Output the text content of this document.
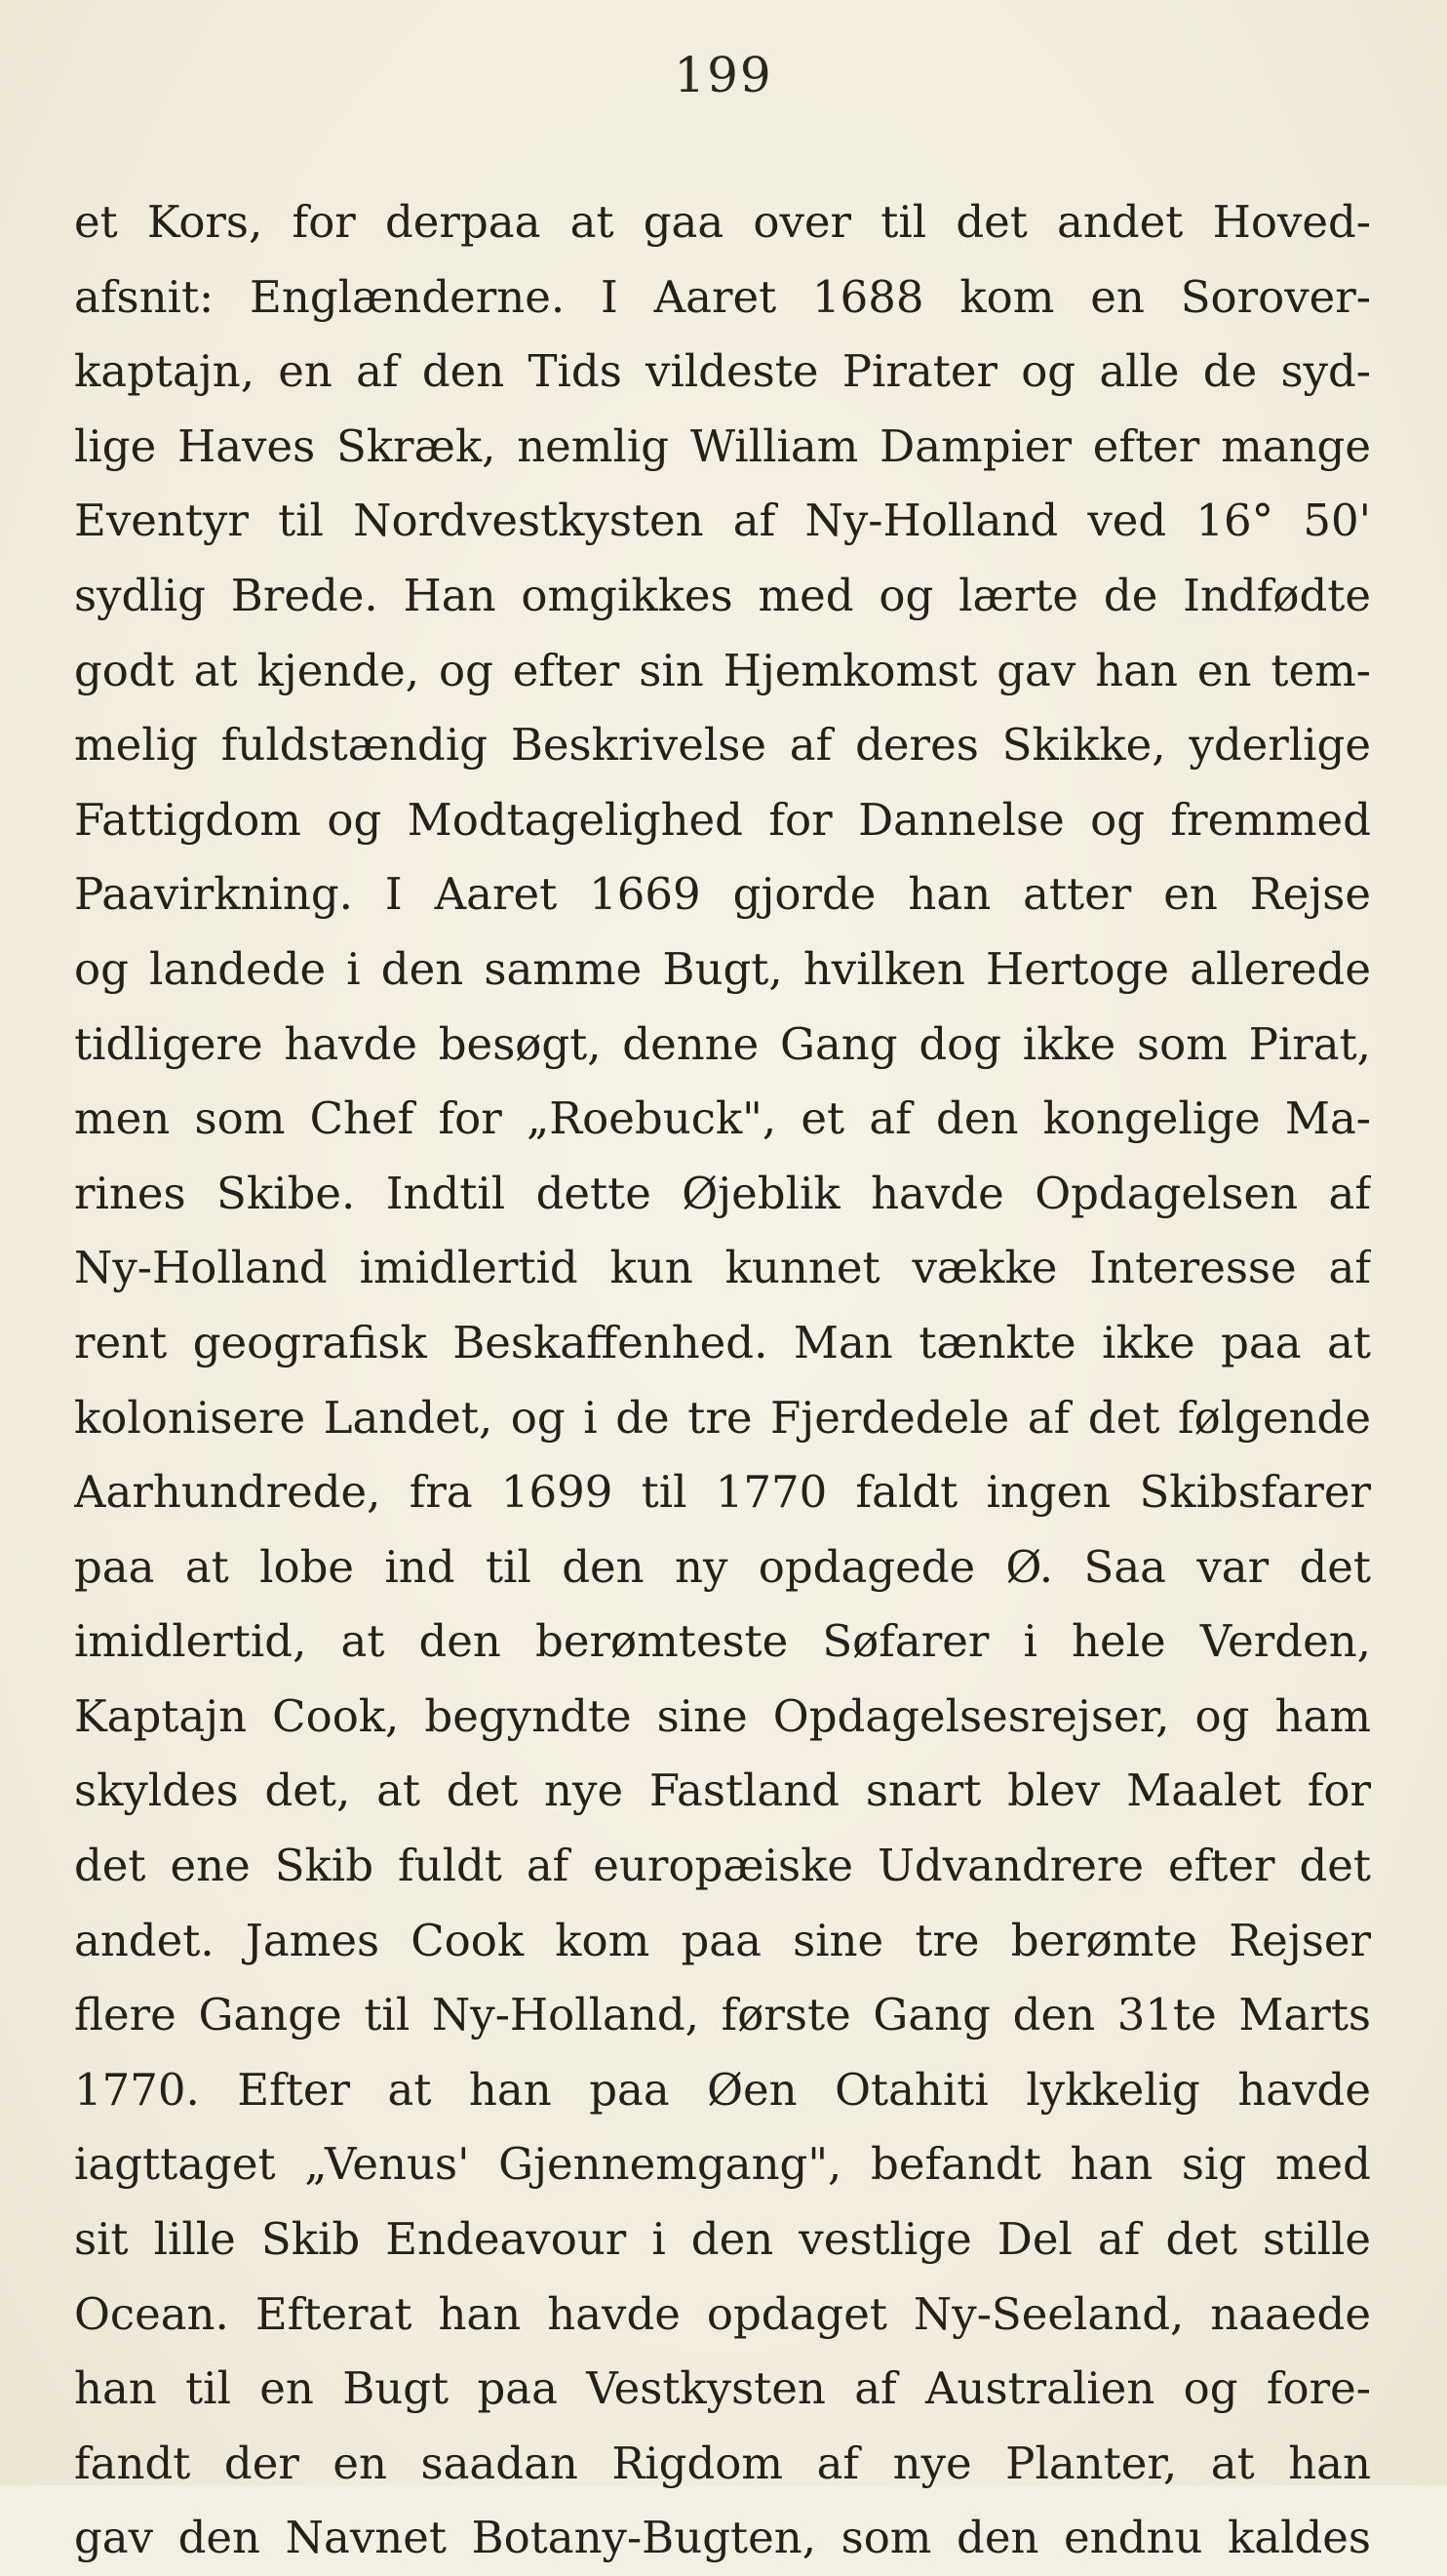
199
et Kors, for derpaa at gaa over til det andet Hoved-
afsnit: Englænderne. I Aaret 1688 kom en Sorover-
kaptajn, en af den Tids vildeste Pirater og alle de syd-
lige Haves Skræk, nemlig William Dampier efter mange
Eventyr til Nordvestkysten af Ny-Holland ved 16° 50'
sydlig Brede. Han omgikkes med og lærte de Indfødte
godt at kjende, og efter sin Hjemkomst gav han en tem-
melig fuldstændig Beskrivelse af deres Skikke, yderlige
Fattigdom og Modtagelighed for Dannelse og fremmed
Paavirkning. I Aaret 1669 gjorde han atter en Rejse
og landede i den samme Bugt, hvilken Hertoge allerede
tidligere havde besøgt, denne Gang dog ikke som Pirat,
men som Chef for „Roebuck", et af den kongelige Ma-
rines Skibe. Indtil dette Øjeblik havde Opdagelsen af
Ny-Holland imidlertid kun kunnet vække Interesse af
rent geografisk Beskaffenhed. Man tænkte ikke paa at
kolonisere Landet, og i de tre Fjerdedele af det følgende
Aarhundrede, fra 1699 til 1770 faldt ingen Skibsfarer
paa at lobe ind til den ny opdagede Ø. Saa var det
imidlertid, at den berømteste Søfarer i hele Verden,
Kaptajn Cook, begyndte sine Opdagelsesrejser, og ham
skyldes det, at det nye Fastland snart blev Maalet for
det ene Skib fuldt af europæiske Udvandrere efter det
andet. James Cook kom paa sine tre berømte Rejser
flere Gange til Ny-Holland, første Gang den 31te Marts
1770. Efter at han paa Øen Otahiti lykkelig havde
iagttaget „Venus' Gjennemgang", befandt han sig med
sit lille Skib Endeavour i den vestlige Del af det stille
Ocean. Efterat han havde opdaget Ny-Seeland, naaede
han til en Bugt paa Vestkysten af Australien og fore-
fandt der en saadan Rigdom af nye Planter, at han
gav den Navnet Botany-Bugten, som den endnu kaldes
